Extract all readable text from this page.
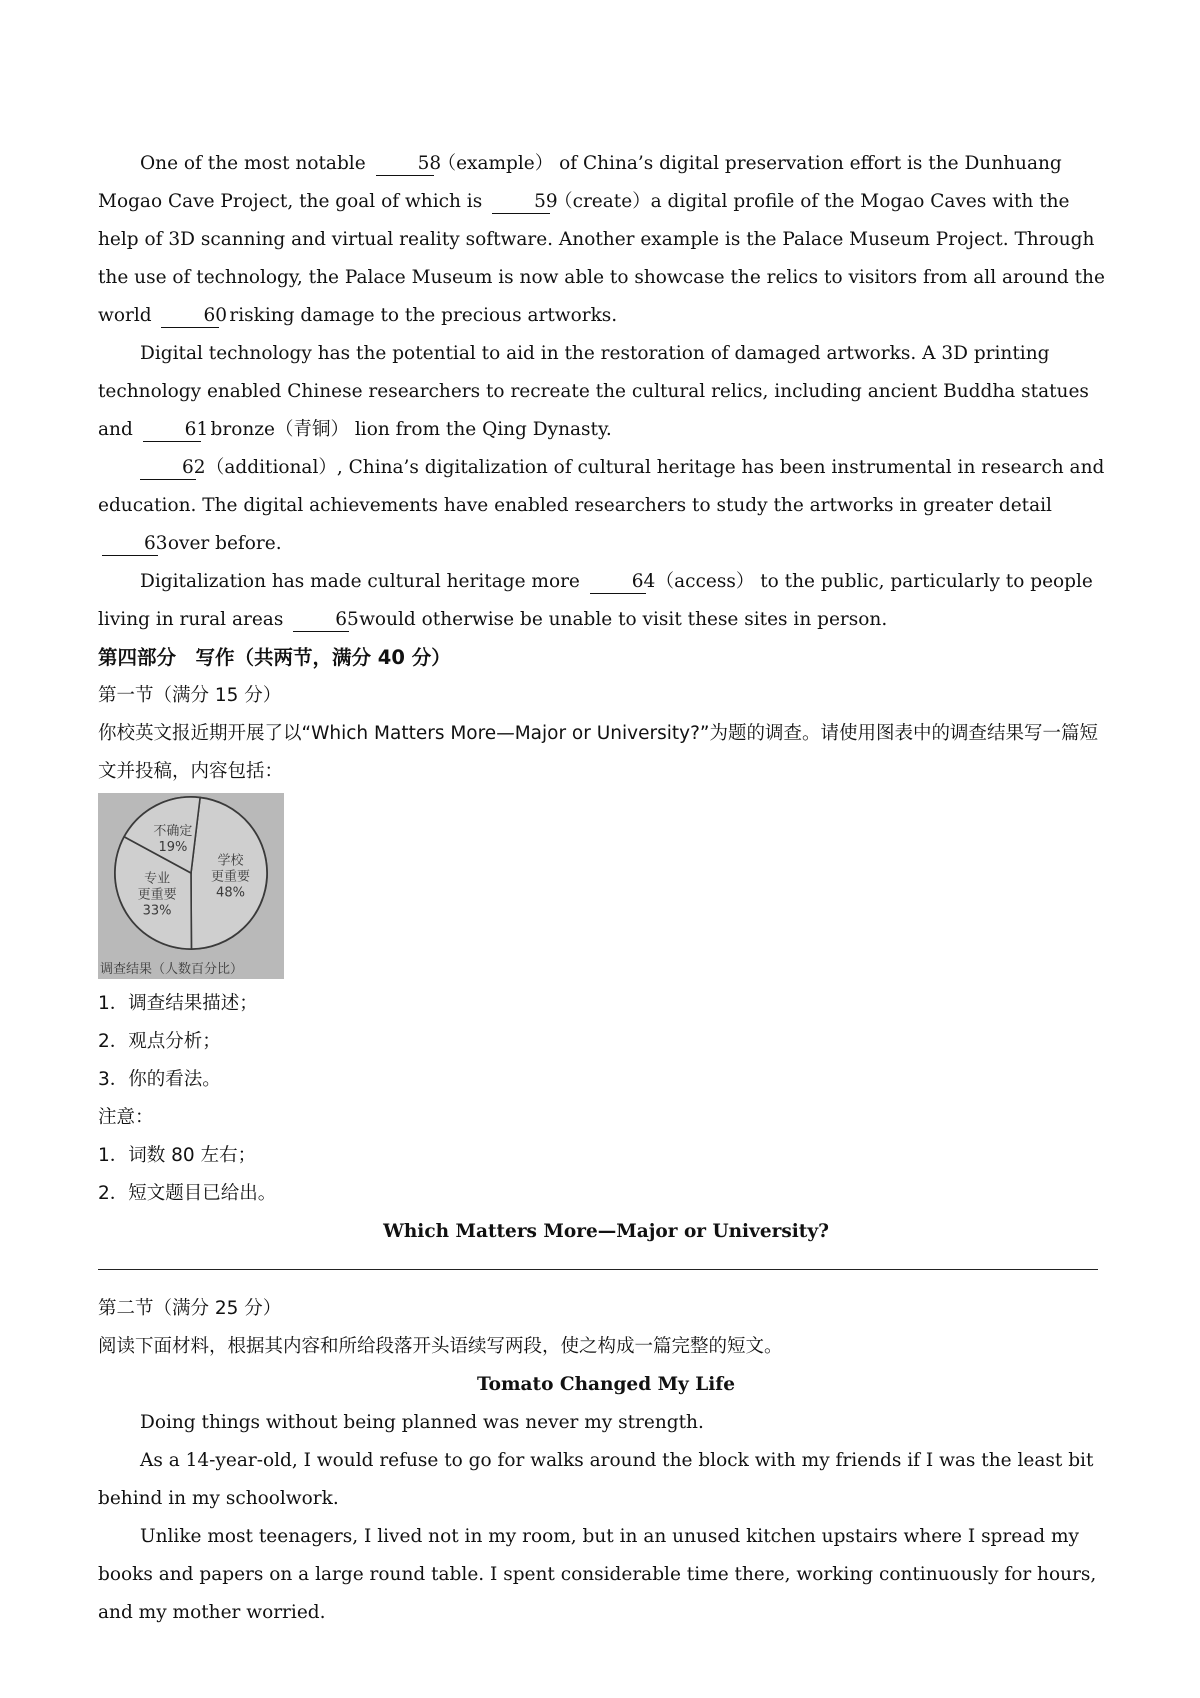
One of the most notable 58（example） of China’s digital preservation effort is the Dunhuang Mogao Cave Project, the goal of which is 59（create）a digital profile of the Mogao Caves with the help of 3D scanning and virtual reality software. Another example is the Palace Museum Project. Through the use of technology, the Palace Museum is now able to showcase the relics to visitors from all around the world 60 risking damage to the precious artworks.

Digital technology has the potential to aid in the restoration of damaged artworks. A 3D printing technology enabled Chinese researchers to recreate the cultural relics, including ancient Buddha statues and 61 bronze（青铜） lion from the Qing Dynasty.

62 （additional）, China’s digitalization of cultural heritage has been instrumental in research and education. The digital achievements have enabled researchers to study the artworks in greater detail 63 over before.

Digitalization has made cultural heritage more 64 （access） to the public, particularly to people living in rural areas 65 would otherwise be unable to visit these sites in person.

第四部分　写作（共两节，满分 40 分）

第一节（满分 15 分）

你校英文报近期开展了以“Which Matters More—Major or University?”为题的调查。请使用图表中的调查结果写一篇短文并投稿，内容包括：

学校
更重要
48%
专业
更重要
33%
不确定
19%
调查结果（人数百分比）

1．调查结果描述；

2．观点分析；

3．你的看法。

注意：

1．词数 80 左右；

2．短文题目已给出。

Which Matters More—Major or University?

第二节（满分 25 分）

阅读下面材料，根据其内容和所给段落开头语续写两段，使之构成一篇完整的短文。

Tomato Changed My Life

Doing things without being planned was never my strength.

As a 14-year-old, I would refuse to go for walks around the block with my friends if I was the least bit behind in my schoolwork.

Unlike most teenagers, I lived not in my room, but in an unused kitchen upstairs where I spread my books and papers on a large round table. I spent considerable time there, working continuously for hours, and my mother worried.
